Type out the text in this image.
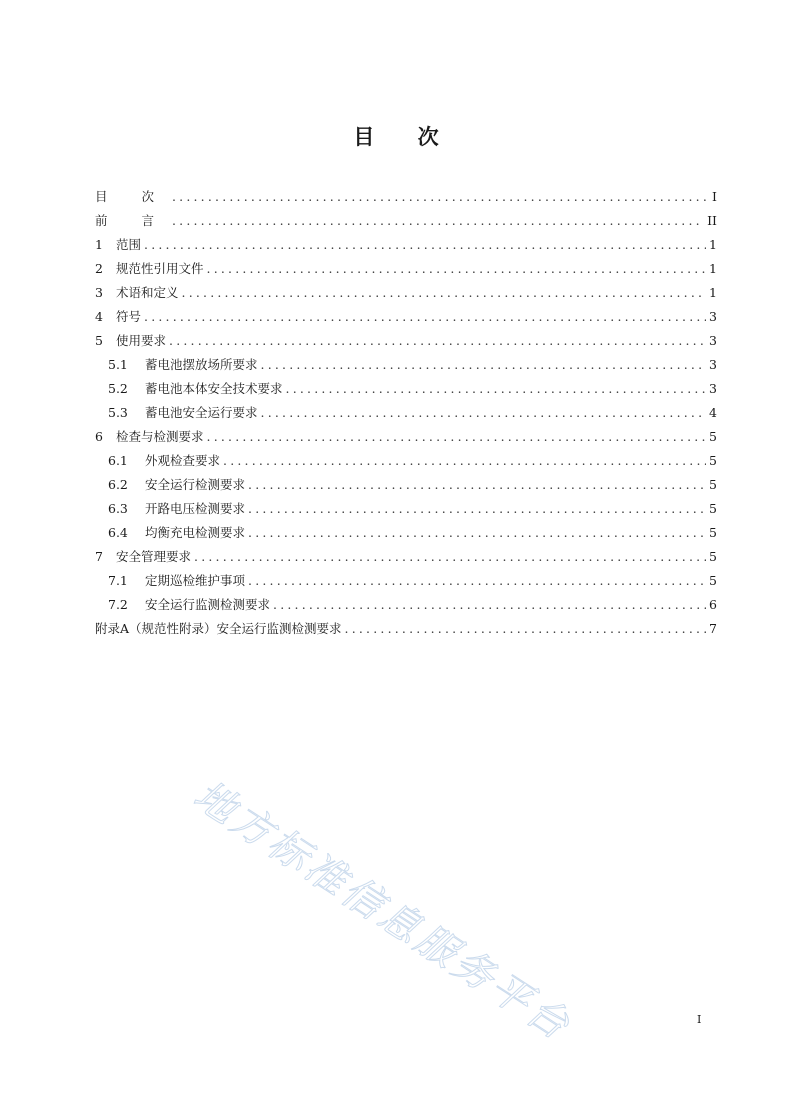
目 次
目 次 .....	I
前 言 .....	II
1	范围 .....	1
2	规范性引用文件 .....	1
3	术语和定义 .....	1
4	符号 .....	3
5	使用要求 .....	3
5.1	蓄电池摆放场所要求 .....	3
5.2	蓄电池本体安全技术要求 .....	3
5.3	蓄电池安全运行要求 .....	4
6	检查与检测要求 .....	5
6.1	外观检查要求 .....	5
6.2	安全运行检测要求 .....	5
6.3	开路电压检测要求 .....	5
6.4	均衡充电检测要求 .....	5
7	安全管理要求 .....	5
7.1	定期巡检维护事项 .....	5
7.2	安全运行监测检测要求 .....	6
附录A（规范性附录）安全运行监测检测要求 .....	7
地方标准信息服务平台	I
